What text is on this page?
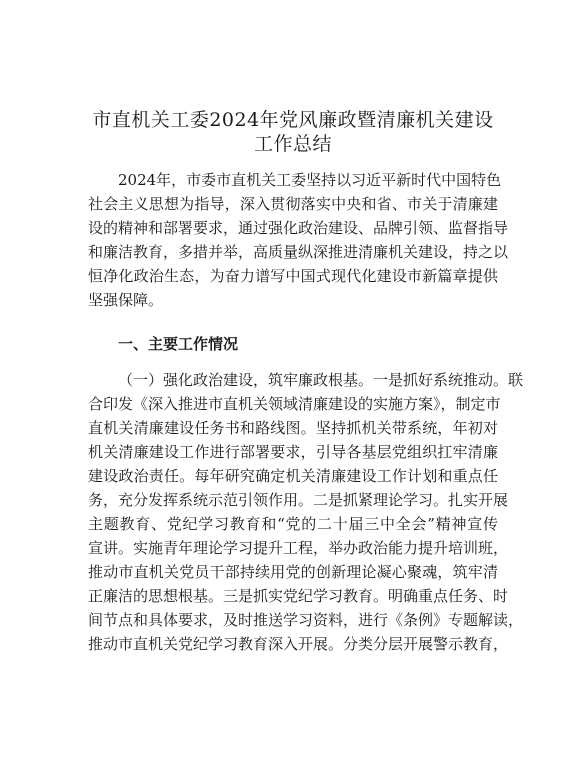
市直机关工委2024年党风廉政暨清廉机关建设
工作总结
2024年，市委市直机关工委坚持以习近平新时代中国特色
社会主义思想为指导，深入贯彻落实中央和省、市关于清廉建
设的精神和部署要求，通过强化政治建设、品牌引领、监督指导
和廉洁教育，多措并举，高质量纵深推进清廉机关建设，持之以
恒净化政治生态，为奋力谱写中国式现代化建设市新篇章提供
坚强保障。
一、主要工作情况
（一）强化政治建设，筑牢廉政根基。一是抓好系统推动。联
合印发《深入推进市直机关领域清廉建设的实施方案》，制定市
直机关清廉建设任务书和路线图。坚持抓机关带系统，年初对
机关清廉建设工作进行部署要求，引导各基层党组织扛牢清廉
建设政治责任。每年研究确定机关清廉建设工作计划和重点任
务，充分发挥系统示范引领作用。二是抓紧理论学习。扎实开展
主题教育、党纪学习教育和“党的二十届三中全会”精神宣传
宣讲。实施青年理论学习提升工程，举办政治能力提升培训班，
推动市直机关党员干部持续用党的创新理论凝心聚魂，筑牢清
正廉洁的思想根基。三是抓实党纪学习教育。明确重点任务、时
间节点和具体要求，及时推送学习资料，进行《条例》专题解读，
推动市直机关党纪学习教育深入开展。分类分层开展警示教育，
